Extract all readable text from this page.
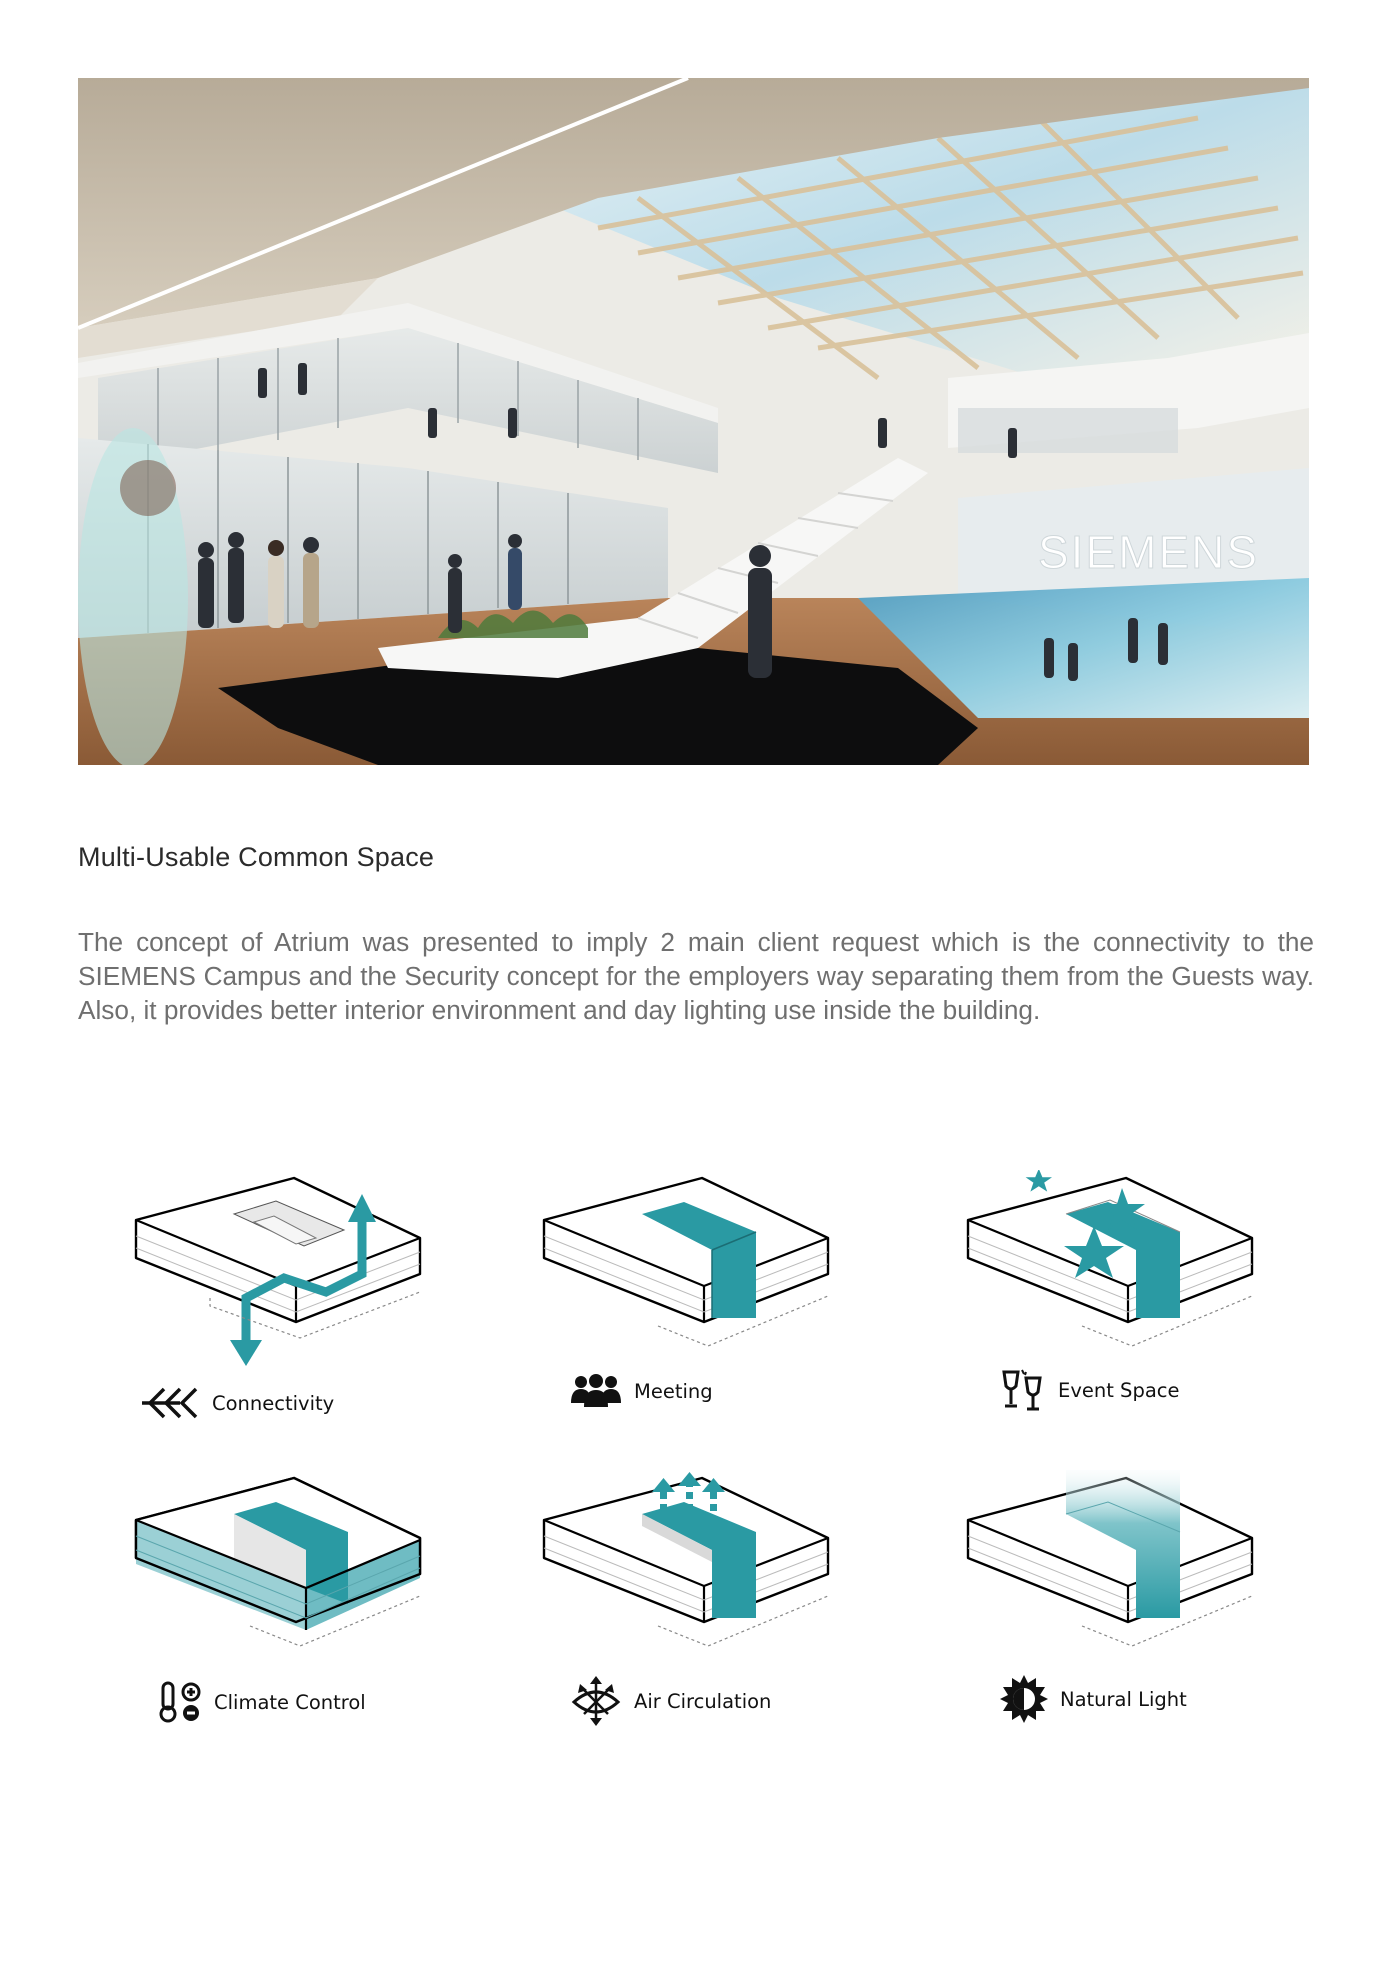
SIEMENS
Multi-Usable Common Space

The concept of Atrium was presented to imply 2 main client request which is the connectivity to the SIEMENS Campus and the Security concept for the employers way separating them from the Guests way. Also, it provides better interior environment and day lighting use inside the building.

Connectivity
Meeting	Event Space
Climate Control	Air Circulation	Natural Light
